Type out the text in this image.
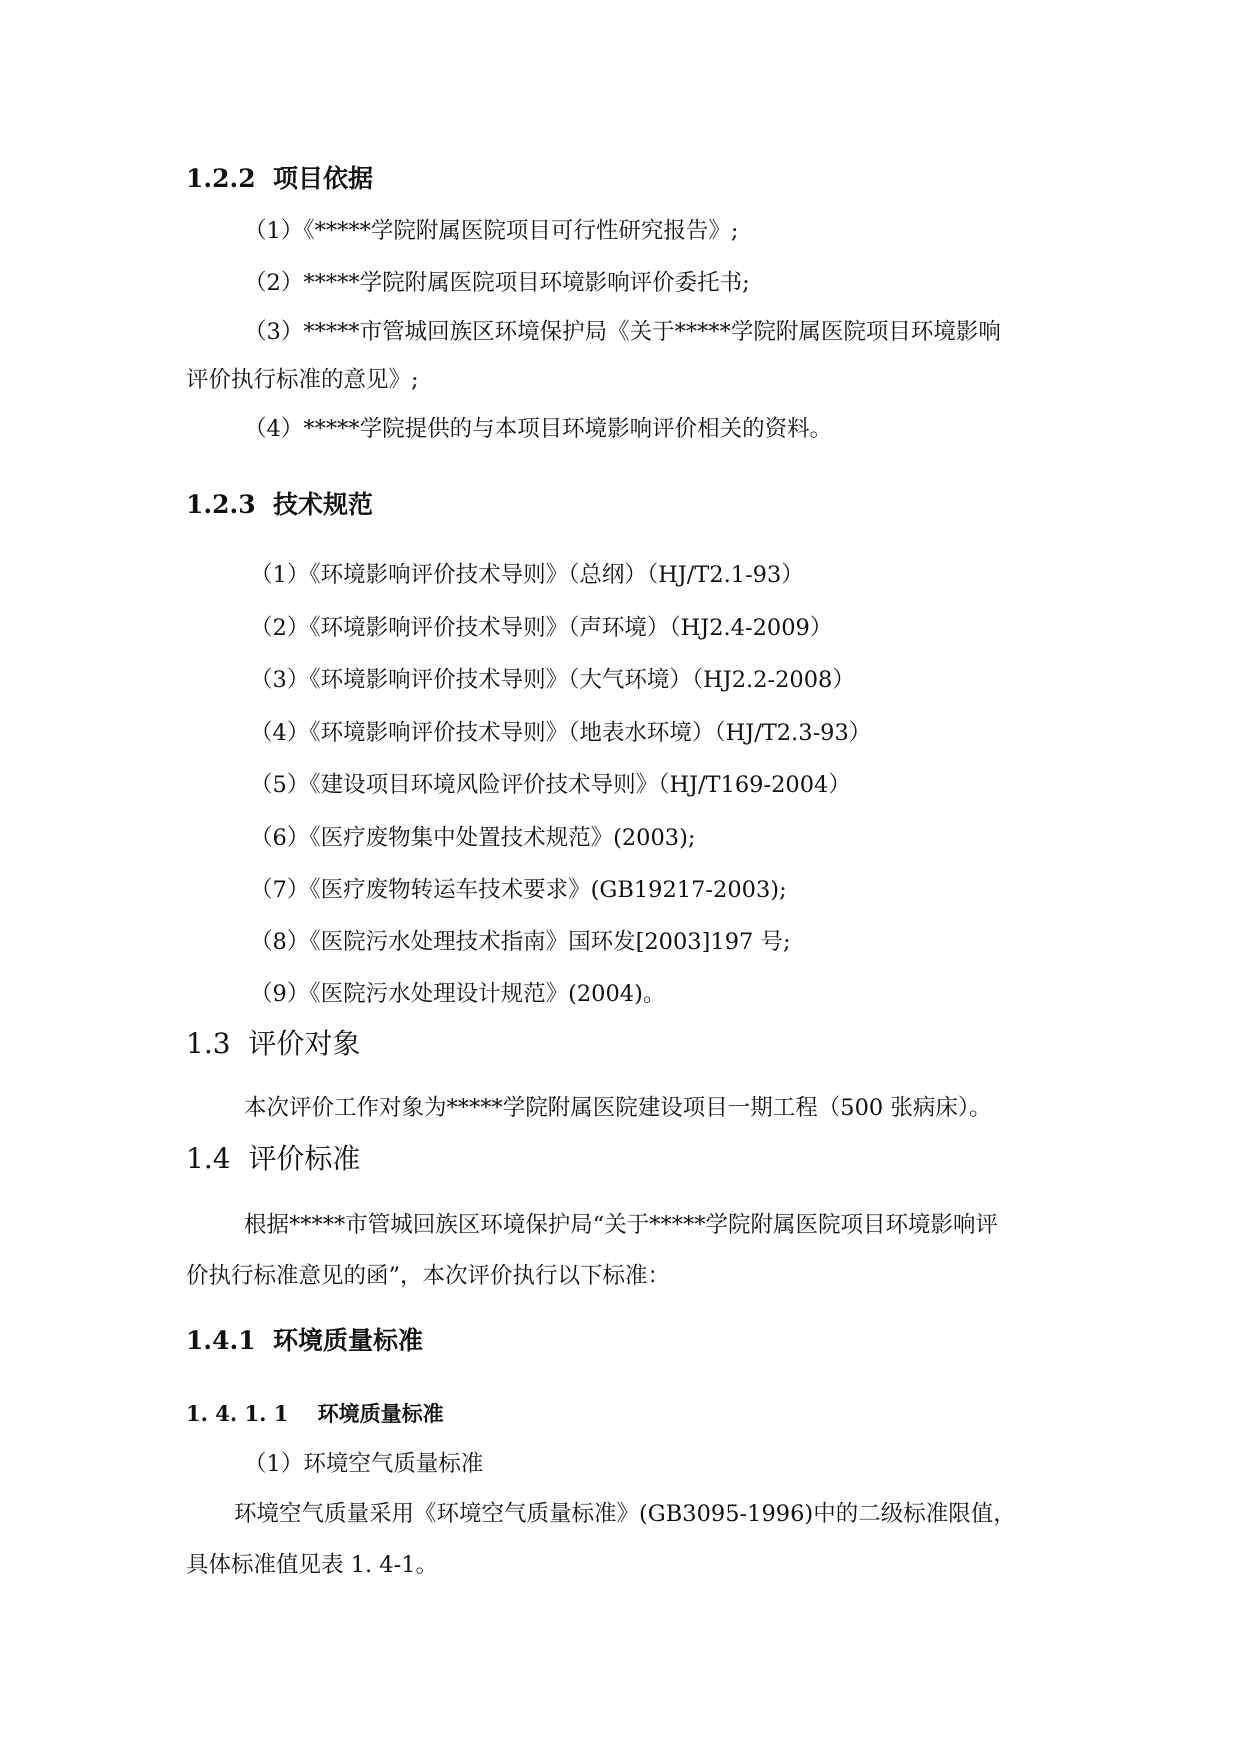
1.2.2 项目依据
（1）《*****学院附属医院项目可行性研究报告》;
（2）*****学院附属医院项目环境影响评价委托书;
（3）*****市管城回族区环境保护局《关于*****学院附属医院项目环境影响
评价执行标准的意见》;
（4）*****学院提供的与本项目环境影响评价相关的资料。
1.2.3 技术规范
（1）《环境影响评价技术导则》（总纲）（HJ/T2.1-93）
（2）《环境影响评价技术导则》（声环境）（HJ2.4-2009）
（3）《环境影响评价技术导则》（大气环境）（HJ2.2-2008）
（4）《环境影响评价技术导则》（地表水环境）（HJ/T2.3-93）
（5）《建设项目环境风险评价技术导则》（HJ/T169-2004）
（6）《医疗废物集中处置技术规范》(2003);
（7）《医疗废物转运车技术要求》(GB19217-2003);
（8）《医院污水处理技术指南》国环发[2003]197 号;
（9）《医院污水处理设计规范》(2004)。
1.3 评价对象
本次评价工作对象为*****学院附属医院建设项目一期工程（500 张病床）。
1.4 评价标准
根据*****市管城回族区环境保护局“关于*****学院附属医院项目环境影响评
价执行标准意见的函”，本次评价执行以下标准：
1.4.1 环境质量标准
1. 4. 1. 1 环境质量标准
（1）环境空气质量标准
环境空气质量采用《环境空气质量标准》(GB3095-1996)中的二级标准限值，
具体标准值见表 1. 4-1。
